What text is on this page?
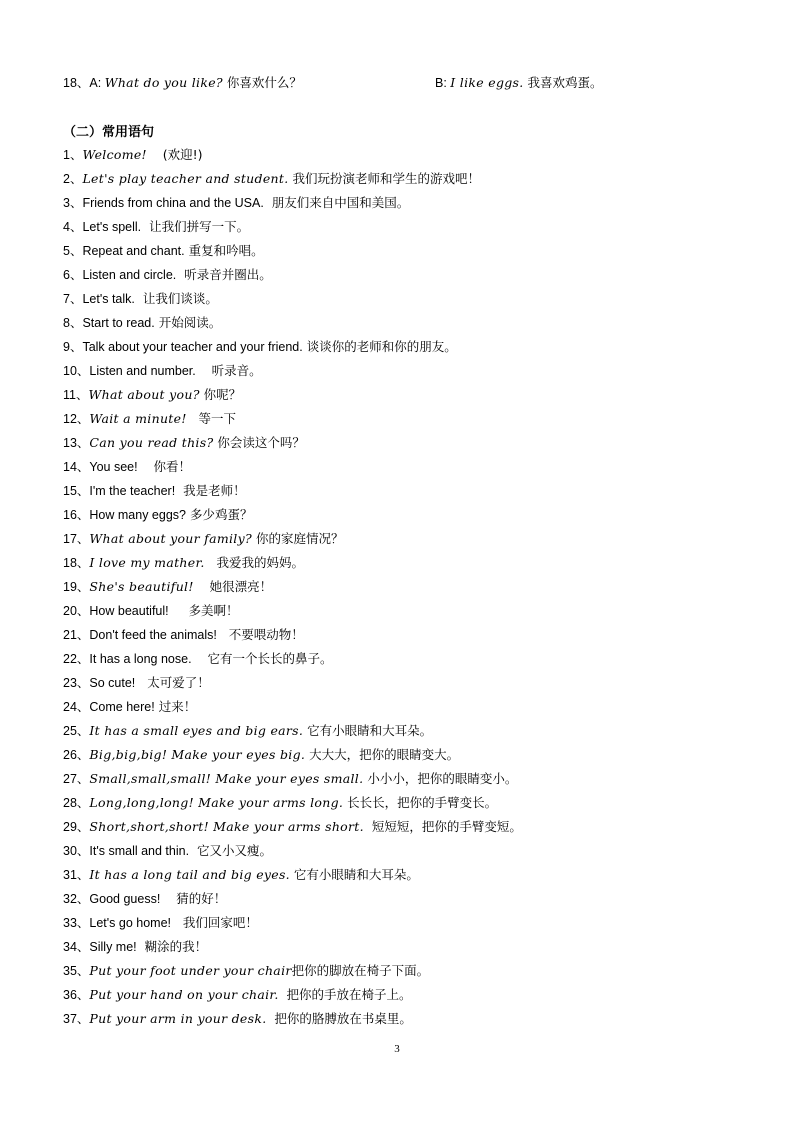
18、A: What do you like? 你喜欢什么？	B: I like eggs. 我喜欢鸡蛋。
（二）常用语句
1、Welcome!    (欢迎!)
2、Let's play teacher and student. 我们玩扮演老师和学生的游戏吧！
3、Friends from china and the USA.  朋友们来自中国和美国。
4、Let's spell.  让我们拼写一下。
5、Repeat and chant. 重复和吟唱。
6、Listen and circle.  听录音并圈出。
7、Let's talk.  让我们谈谈。
8、Start to read. 开始阅读。
9、Talk about your teacher and your friend. 谈谈你的老师和你的朋友。
10、Listen and number.    听录音。
11、What about you? 你呢？
12、Wait a minute!   等一下
13、Can you read this? 你会读这个吗？
14、You see!    你看！
15、I'm the teacher!  我是老师！
16、How many eggs? 多少鸡蛋？
17、What about your family? 你的家庭情况？
18、I love my mather.   我爱我的妈妈。
19、She's beautiful!    她很漂亮！
20、How beautiful!     多美啊！
21、Don't feed the animals!   不要喂动物！
22、It has a long nose.    它有一个长长的鼻子。
23、So cute!   太可爱了！
24、Come here! 过来！
25、It has a small eyes and big ears. 它有小眼睛和大耳朵。
26、Big,big,big! Make your eyes big. 大大大，把你的眼睛变大。
27、Small,small,small! Make your eyes small. 小小小，把你的眼睛变小。
28、Long,long,long! Make your arms long. 长长长，把你的手臂变长。
29、Short,short,short! Make your arms short.  短短短，把你的手臂变短。
30、It's small and thin.  它又小又瘦。
31、It has a long tail and big eyes. 它有小眼睛和大耳朵。
32、Good guess!    猜的好！
33、Let's go home!   我们回家吧！
34、Silly me!  糊涂的我！
35、Put your foot under your chair把你的脚放在椅子下面。
36、Put your hand on your chair.  把你的手放在椅子上。
37、Put your arm in your desk.  把你的胳膊放在书桌里。
3
